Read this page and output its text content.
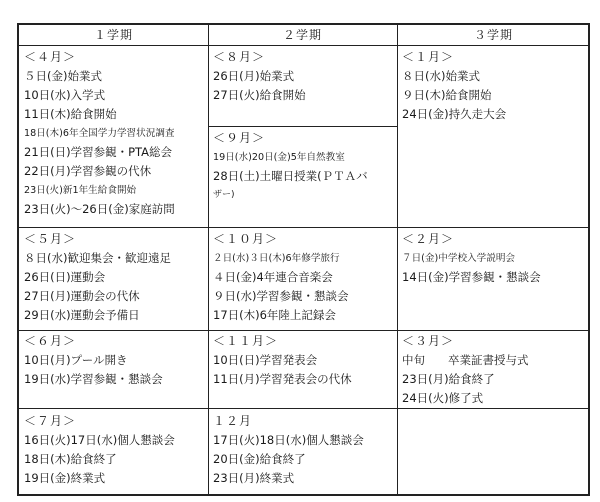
１学期	２学期	３学期
＜４月＞
５日(金)始業式
10日(水)入学式
11日(木)給食開始
18日(木)6年全国学力学習状況調査
21日(日)学習参観・PTA総会
22日(月)学習参観の代休
23日(火)新1年生給食開始
23日(火)～26日(金)家庭訪問
＜５月＞
８日(水)歓迎集会・歓迎遠足
26日(日)運動会
27日(月)運動会の代休
29日(水)運動会予備日
＜６月＞
10日(月)プール開き
19日(水)学習参観・懇談会
＜７月＞
16日(火)17日(水)個人懇談会
18日(木)給食終了
19日(金)終業式
＜８月＞
26日(月)始業式
27日(火)給食開始
＜９月＞
19日(水)20日(金)5年自然教室
28日(土)土曜日授業(ＰＴＡバ
ザー)
＜１０月＞
２日(水)３日(木)6年修学旅行
４日(金)4年連合音楽会
９日(水)学習参観・懇談会
17日(木)6年陸上記録会
＜１１月＞
10日(日)学習発表会
11日(月)学習発表会の代休
１２月
17日(火)18日(水)個人懇談会
20日(金)給食終了
23日(月)終業式
＜１月＞
８日(水)始業式
９日(木)給食開始
24日(金)持久走大会
＜２月＞
７日(金)中学校入学説明会
14日(金)学習参観・懇談会
＜３月＞
中旬　　卒業証書授与式
23日(月)給食終了
24日(火)修了式
